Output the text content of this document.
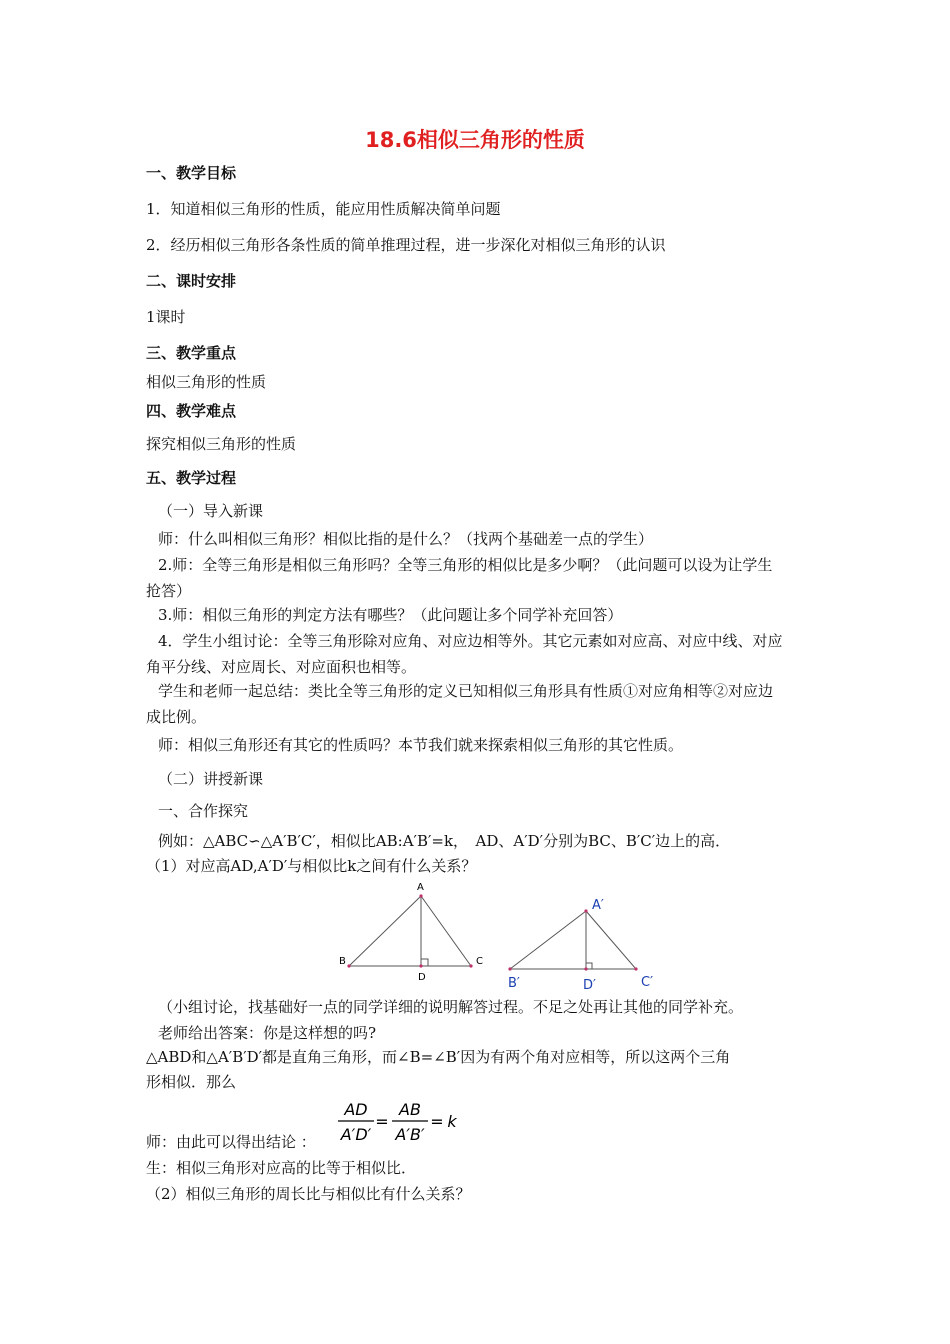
18.6相似三角形的性质
一、教学目标
1．知道相似三角形的性质，能应用性质解决简单问题
2．经历相似三角形各条性质的简单推理过程，进一步深化对相似三角形的认识
二、课时安排
1课时
三、教学重点
相似三角形的性质
四、教学难点
探究相似三角形的性质
五、教学过程
（一）导入新课
师：什么叫相似三角形？相似比指的是什么？（找两个基础差一点的学生）
2.师：全等三角形是相似三角形吗？全等三角形的相似比是多少啊？（此问题可以设为让学生
抢答）
3.师：相似三角形的判定方法有哪些？（此问题让多个同学补充回答）
4．学生小组讨论：全等三角形除对应角、对应边相等外。其它元素如对应高、对应中线、对应
角平分线、对应周长、对应面积也相等。
学生和老师一起总结：类比全等三角形的定义已知相似三角形具有性质①对应角相等②对应边
成比例。
师：相似三角形还有其它的性质吗？本节我们就来探索相似三角形的其它性质。
（二）讲授新课
一、合作探究
例如：△ABC∽△A′B′C′，相似比AB:A′B′=k，　AD、A′D′分别为BC、B′C′边上的高．
（1）对应高AD,A′D′与相似比k之间有什么关系？
A
B	C
D
A′
B′	C′
D′
（小组讨论，找基础好一点的同学详细的说明解答过程。不足之处再让其他的同学补充。
老师给出答案：你是这样想的吗?
△ABD和△A′B′D′都是直角三角形，而∠B=∠B′因为有两个角对应相等，所以这两个三角
形相似．那么
AD
A′D′
=
AB
A′B′
= k
师：由此可以得出结论 ：
生：相似三角形对应高的比等于相似比．
（2）相似三角形的周长比与相似比有什么关系？
